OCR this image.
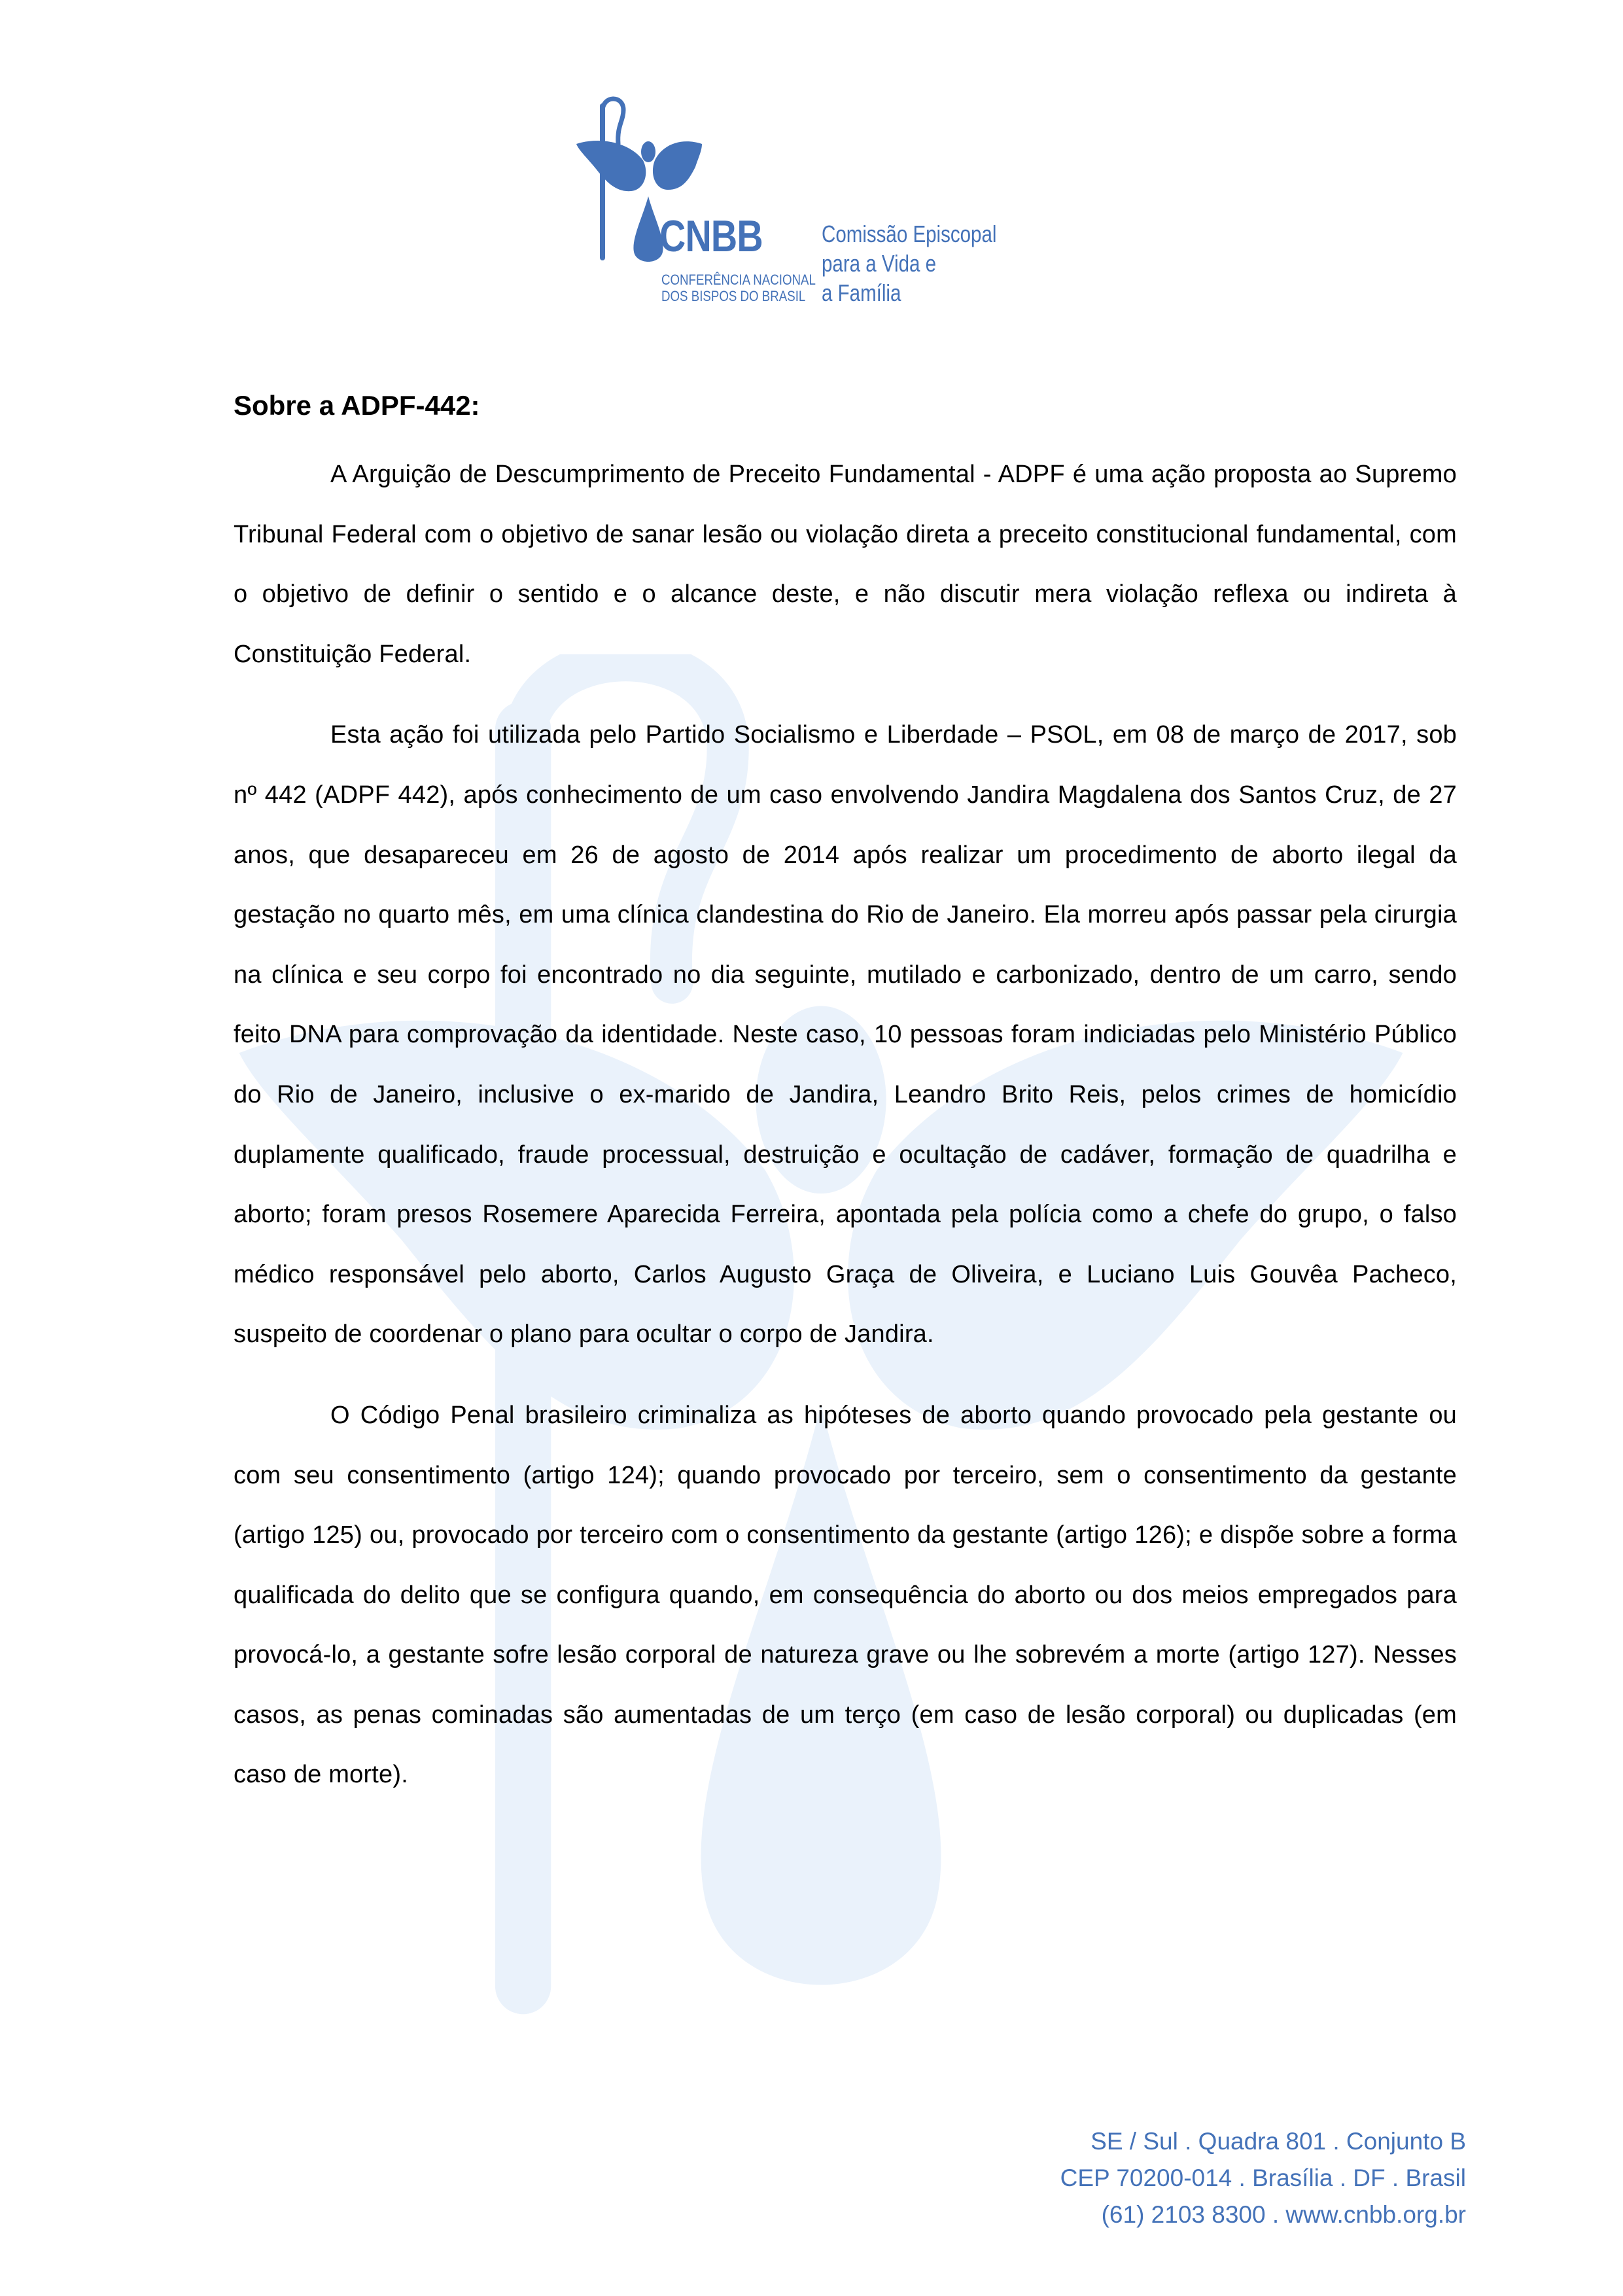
CNBB
CONFERÊNCIA NACIONAL
DOS BISPOS DO BRASIL
Comissão Episcopal
para a Vida e
a Família
Sobre a ADPF-442:

A Arguição de Descumprimento de Preceito Fundamental - ADPF é uma ação proposta ao Supremo Tribunal Federal com o objetivo de sanar lesão ou violação direta a preceito constitucional fundamental, com o objetivo de definir o sentido e o alcance deste, e não discutir mera violação reflexa ou indireta à Constituição Federal.

Esta ação foi utilizada pelo Partido Socialismo e Liberdade – PSOL, em 08 de março de 2017, sob nº 442 (ADPF 442), após conhecimento de um caso envolvendo Jandira Magdalena dos Santos Cruz, de 27 anos, que desapareceu em 26 de agosto de 2014 após realizar um procedimento de aborto ilegal da gestação no quarto mês, em uma clínica clandestina do Rio de Janeiro. Ela morreu após passar pela cirurgia na clínica e seu corpo foi encontrado no dia seguinte, mutilado e carbonizado, dentro de um carro, sendo feito DNA para comprovação da identidade. Neste caso, 10 pessoas foram indiciadas pelo Ministério Público do Rio de Janeiro, inclusive o ex-marido de Jandira, Leandro Brito Reis, pelos crimes de homicídio duplamente qualificado, fraude processual, destruição e ocultação de cadáver, formação de quadrilha e aborto; foram presos Rosemere Aparecida Ferreira, apontada pela polícia como a chefe do grupo, o falso médico responsável pelo aborto, Carlos Augusto Graça de Oliveira, e Luciano Luis Gouvêa Pacheco, suspeito de coordenar o plano para ocultar o corpo de Jandira.

O Código Penal brasileiro criminaliza as hipóteses de aborto quando provocado pela gestante ou com seu consentimento (artigo 124); quando provocado por terceiro, sem o consentimento da gestante (artigo 125) ou, provocado por terceiro com o consentimento da gestante (artigo 126); e dispõe sobre a forma qualificada do delito que se configura quando, em consequência do aborto ou dos meios empregados para provocá-lo, a gestante sofre lesão corporal de natureza grave ou lhe sobrevém a morte (artigo 127). Nesses casos, as penas cominadas são aumentadas de um terço (em caso de lesão corporal) ou duplicadas (em caso de morte).

SE / Sul . Quadra 801 . Conjunto B
CEP 70200-014 . Brasília . DF . Brasil
(61) 2103 8300 . www.cnbb.org.br
